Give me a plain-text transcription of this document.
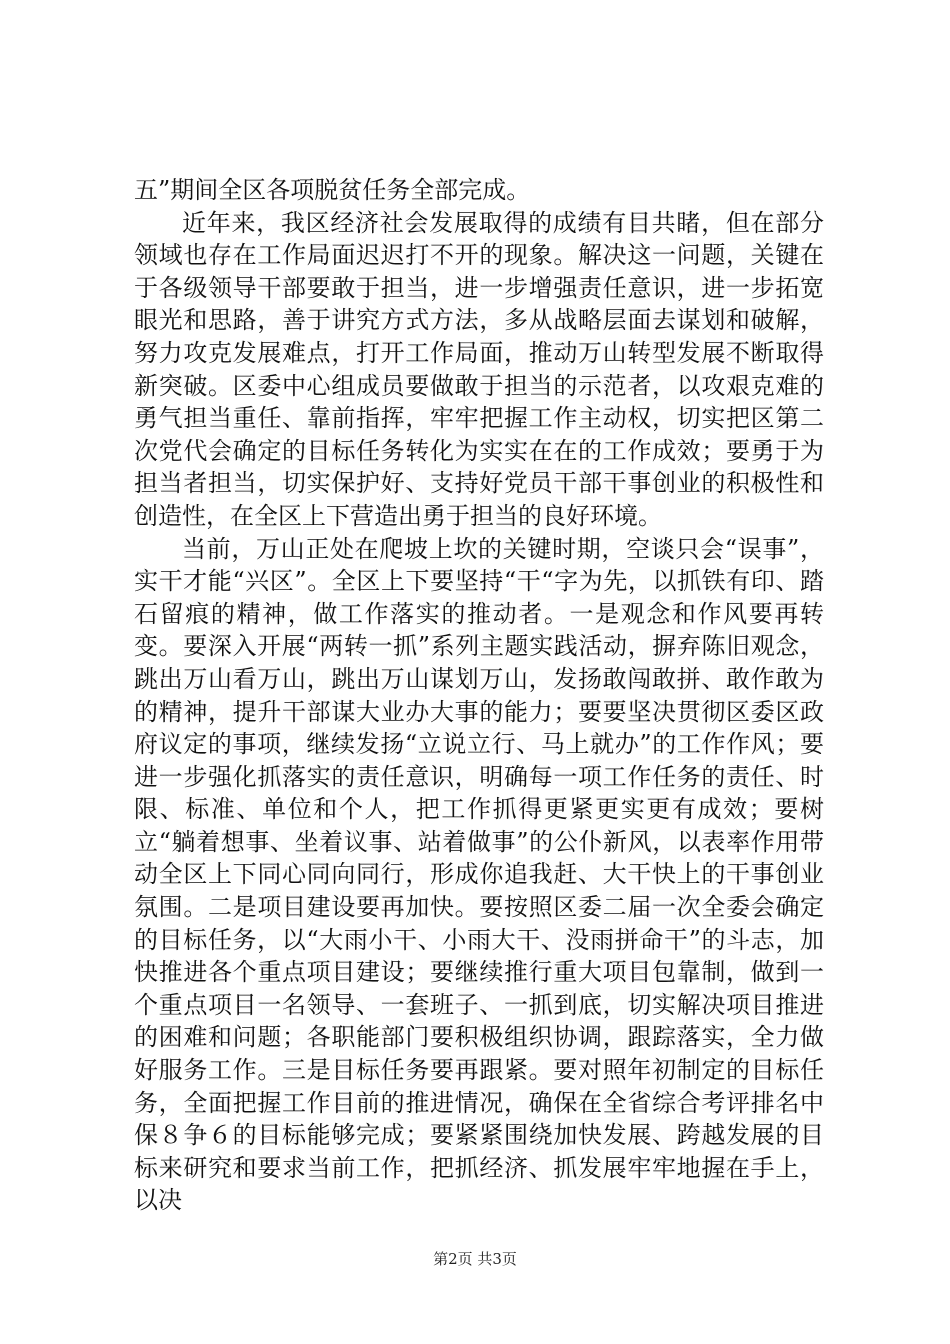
五”期间全区各项脱贫任务全部完成。

近年来，我区经济社会发展取得的成绩有目共睹，但在部分领域也存在工作局面迟迟打不开的现象。解决这一问题，关键在于各级领导干部要敢于担当，进一步增强责任意识，进一步拓宽眼光和思路，善于讲究方式方法，多从战略层面去谋划和破解，努力攻克发展难点，打开工作局面，推动万山转型发展不断取得新突破。区委中心组成员要做敢于担当的示范者，以攻艰克难的勇气担当重任、靠前指挥，牢牢把握工作主动权，切实把区第二次党代会确定的目标任务转化为实实在在的工作成效；要勇于为担当者担当，切实保护好、支持好党员干部干事创业的积极性和创造性，在全区上下营造出勇于担当的良好环境。

当前，万山正处在爬坡上坎的关键时期，空谈只会“误事”，实干才能“兴区”。全区上下要坚持“干“字为先，以抓铁有印、踏石留痕的精神，做工作落实的推动者。一是观念和作风要再转变。要深入开展“两转一抓”系列主题实践活动，摒弃陈旧观念，跳出万山看万山，跳出万山谋划万山，发扬敢闯敢拼、敢作敢为的精神，提升干部谋大业办大事的能力；要要坚决贯彻区委区政府议定的事项，继续发扬“立说立行、马上就办”的工作作风；要进一步强化抓落实的责任意识，明确每一项工作任务的责任、时限、标准、单位和个人，把工作抓得更紧更实更有成效；要树立“躺着想事、坐着议事、站着做事”的公仆新风，以表率作用带动全区上下同心同向同行，形成你追我赶、大干快上的干事创业氛围。二是项目建设要再加快。要按照区委二届一次全委会确定的目标任务，以“大雨小干、小雨大干、没雨拼命干”的斗志，加快推进各个重点项目建设；要继续推行重大项目包靠制，做到一个重点项目一名领导、一套班子、一抓到底，切实解决项目推进的困难和问题；各职能部门要积极组织协调，跟踪落实，全力做好服务工作。三是目标任务要再跟紧。要对照年初制定的目标任务，全面把握工作目前的推进情况，确保在全省综合考评排名中保８争６的目标能够完成；要紧紧围绕加快发展、跨越发展的目标来研究和要求当前工作，把抓经济、抓发展牢牢地握在手上，以决

第2页 共3页
